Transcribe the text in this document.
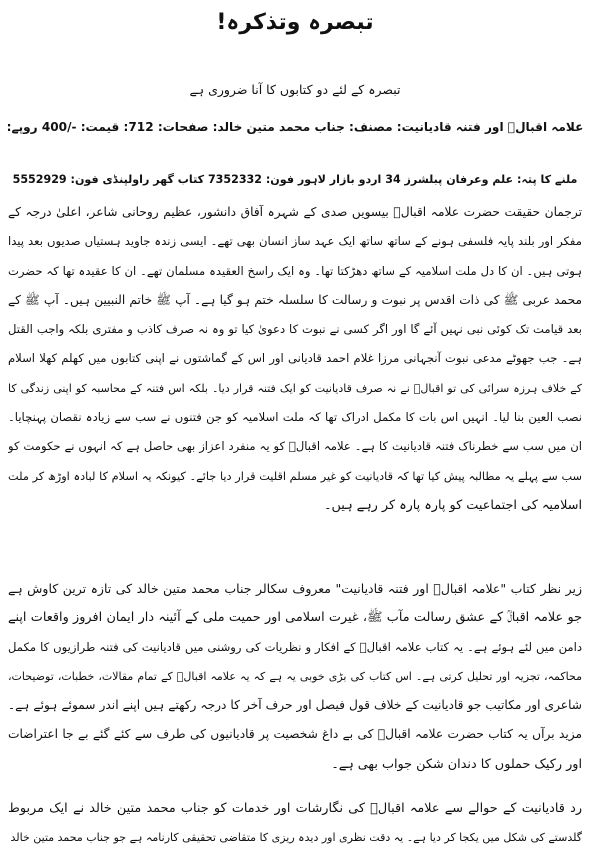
تبصرہ وتذکرہ!
تبصرہ کے لئے دو کتابوں کا آنا ضروری ہے
علامہ اقبالؒ اور فتنہ قادیانیت: مصنف: جناب محمد متین خالد: صفحات: 712: قیمت: -/400 روپے:
ملنے کا پتہ: علم وعرفان پبلشرز 34 اردو بازار لاہور فون: 7352332 کتاب گھر راولپنڈی فون: 5552929
ترجمان حقیقت حضرت علامہ اقبالؒ بیسویں صدی کے شہرہ آفاق دانشور، عظیم روحانی شاعر، اعلیٰ درجہ کے
مفکر اور بلند پایہ فلسفی ہونے کے ساتھ ساتھ ایک عہد ساز انسان بھی تھے۔ ایسی زندہ جاوید ہستیاں صدیوں بعد پیدا
ہوتی ہیں۔ ان کا دل ملت اسلامیہ کے ساتھ دھڑکتا تھا۔ وہ ایک راسخ العقیدہ مسلمان تھے۔ ان کا عقیدہ تھا کہ حضرت
محمد عربی ﷺ کی ذات اقدس پر نبوت و رسالت کا سلسلہ ختم ہو گیا ہے۔ آپ ﷺ خاتم النبیین ہیں۔ آپ ﷺ کے
بعد قیامت تک کوئی نبی نہیں آئے گا اور اگر کسی نے نبوت کا دعویٰ کیا تو وہ نہ صرف کاذب و مفتری بلکہ واجب القتل
ہے۔ جب جھوٹے مدعی نبوت آنجہانی مرزا غلام احمد قادیانی اور اس کے گماشتوں نے اپنی کتابوں میں کھلم کھلا اسلام
کے خلاف ہرزہ سرائی کی تو اقبالؒ نے نہ صرف قادیانیت کو ایک فتنہ قرار دیا۔ بلکہ اس فتنہ کے محاسبہ کو اپنی زندگی کا
نصب العین بنا لیا۔ انہیں اس بات کا مکمل ادراک تھا کہ ملت اسلامیہ کو جن فتنوں نے سب سے زیادہ نقصان پہنچایا۔
ان میں سب سے خطرناک فتنہ قادیانیت کا ہے۔ علامہ اقبالؒ کو یہ منفرد اعزاز بھی حاصل ہے کہ انہوں نے حکومت کو
سب سے پہلے یہ مطالبہ پیش کیا تھا کہ قادیانیت کو غیر مسلم اقلیت قرار دیا جائے۔ کیونکہ یہ اسلام کا لبادہ اوڑھ کر ملت
اسلامیہ کی اجتماعیت کو پارہ پارہ کر رہے ہیں۔
زیر نظر کتاب "علامہ اقبالؒ اور فتنہ قادیانیت" معروف سکالر جناب محمد متین خالد کی تازہ ترین کاوش ہے
جو علامہ اقبالؒ کے عشق رسالت مآب ﷺ، غیرت اسلامی اور حمیت ملی کے آئینہ دار ایمان افروز واقعات اپنے
دامن میں لئے ہوئے ہے۔ یہ کتاب علامہ اقبالؒ کے افکار و نظریات کی روشنی میں قادیانیت کی فتنہ طرازیوں کا مکمل
محاکمہ، تجزیہ اور تحلیل کرتی ہے۔ اس کتاب کی بڑی خوبی یہ ہے کہ یہ علامہ اقبالؒ کے تمام مقالات، خطبات، توضیحات،
شاعری اور مکاتیب جو قادیانیت کے خلاف قول فیصل اور حرف آخر کا درجہ رکھتے ہیں اپنے اندر سموئے ہوئے ہے۔
مزید برآں یہ کتاب حضرت علامہ اقبالؒ کی بے داغ شخصیت پر قادیانیوں کی طرف سے کئے گئے بے جا اعتراضات
اور رکیک حملوں کا دندان شکن جواب بھی ہے۔
رد قادیانیت کے حوالے سے علامہ اقبالؒ کی نگارشات اور خدمات کو جناب محمد متین خالد نے ایک مربوط
گلدستے کی شکل میں یکجا کر دیا ہے۔ یہ دقت نظری اور دیدہ ریزی کا متقاضی تحقیقی کارنامہ ہے جو جناب محمد متین خالد
